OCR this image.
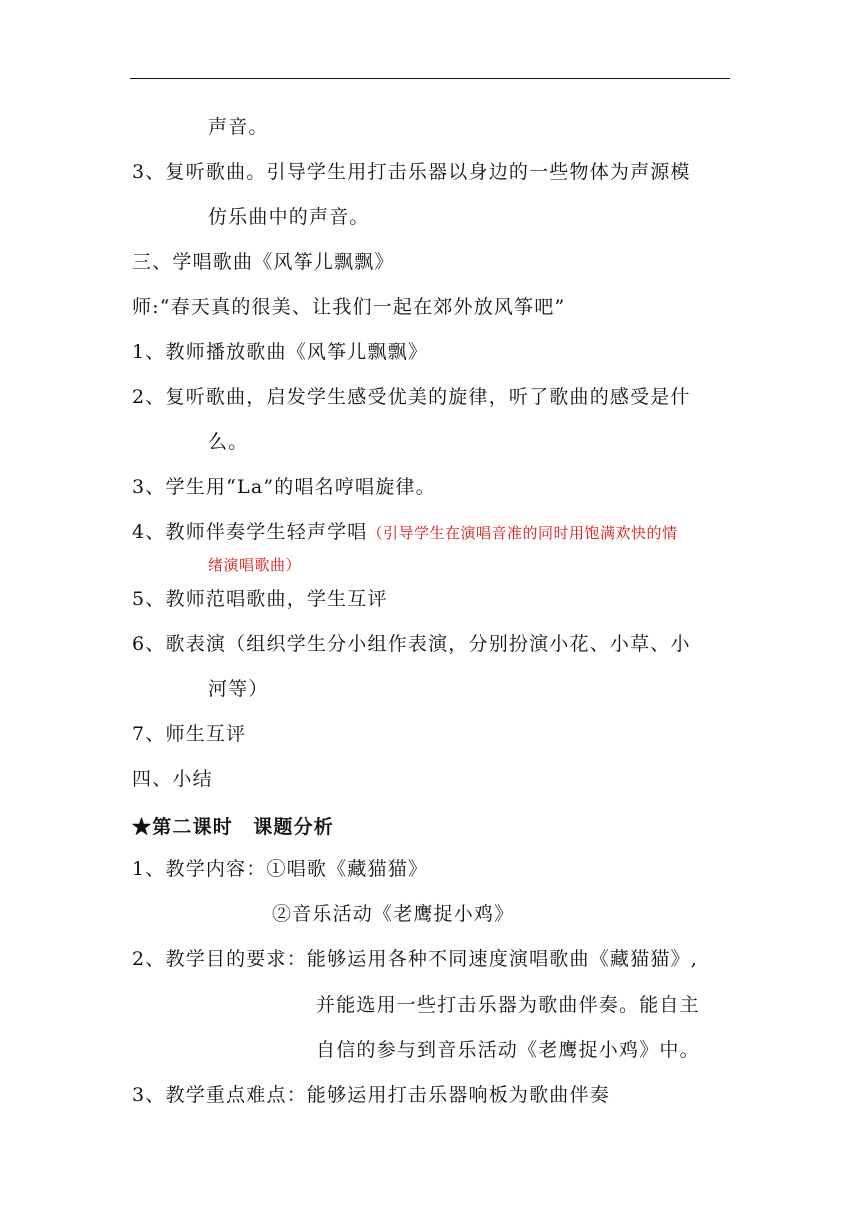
声音。
3、复听歌曲。引导学生用打击乐器以身边的一些物体为声源模
仿乐曲中的声音。
三、学唱歌曲《风筝儿飘飘》
师:“春天真的很美、让我们一起在郊外放风筝吧”
1、教师播放歌曲《风筝儿飘飘》
2、复听歌曲，启发学生感受优美的旋律，听了歌曲的感受是什
么。
3、学生用“La”的唱名哼唱旋律。
4、教师伴奏学生轻声学唱（引导学生在演唱音准的同时用饱满欢快的情
绪演唱歌曲）
5、教师范唱歌曲，学生互评
6、歌表演（组织学生分小组作表演，分别扮演小花、小草、小
河等）
7、师生互评
四、小结
★第二课时　课题分析
1、教学内容：①唱歌《藏猫猫》
②音乐活动《老鹰捉小鸡》
2、教学目的要求：能够运用各种不同速度演唱歌曲《藏猫猫》,
并能选用一些打击乐器为歌曲伴奏。能自主
自信的参与到音乐活动《老鹰捉小鸡》中。
3、教学重点难点：能够运用打击乐器响板为歌曲伴奏
